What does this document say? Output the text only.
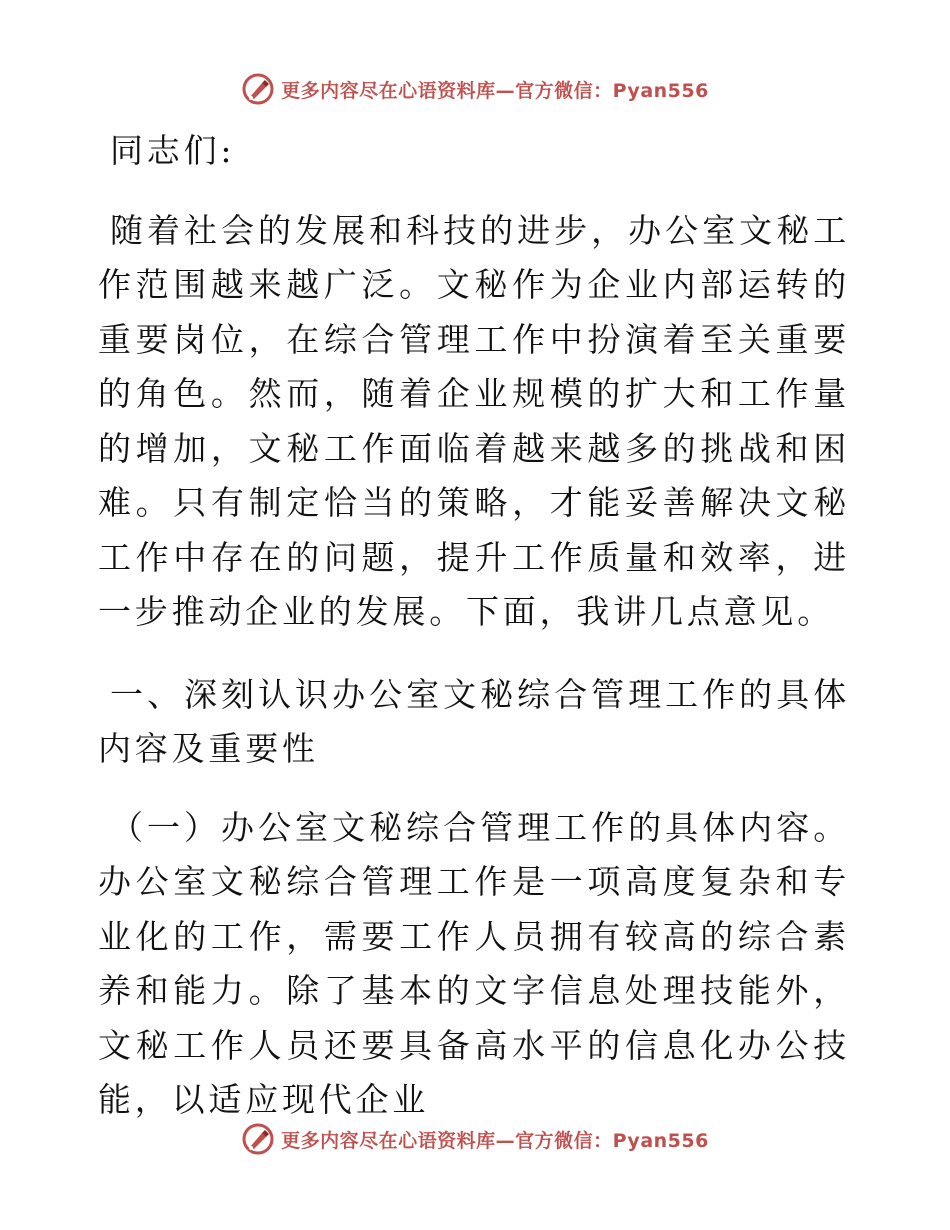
更多内容尽在心语资料库—官方微信：Pyan556

同志们:

随着社会的发展和科技的进步，办公室文秘工作范围越来越广泛。文秘作为企业内部运转的重要岗位，在综合管理工作中扮演着至关重要的角色。然而，随着企业规模的扩大和工作量的增加，文秘工作面临着越来越多的挑战和困难。只有制定恰当的策略，才能妥善解决文秘工作中存在的问题，提升工作质量和效率，进一步推动企业的发展。下面，我讲几点意见。

一、深刻认识办公室文秘综合管理工作的具体内容及重要性

（一）办公室文秘综合管理工作的具体内容。办公室文秘综合管理工作是一项高度复杂和专业化的工作，需要工作人员拥有较高的综合素养和能力。除了基本的文字信息处理技能外，文秘工作人员还要具备高水平的信息化办公技能，以适应现代企业

更多内容尽在心语资料库—官方微信：Pyan556
